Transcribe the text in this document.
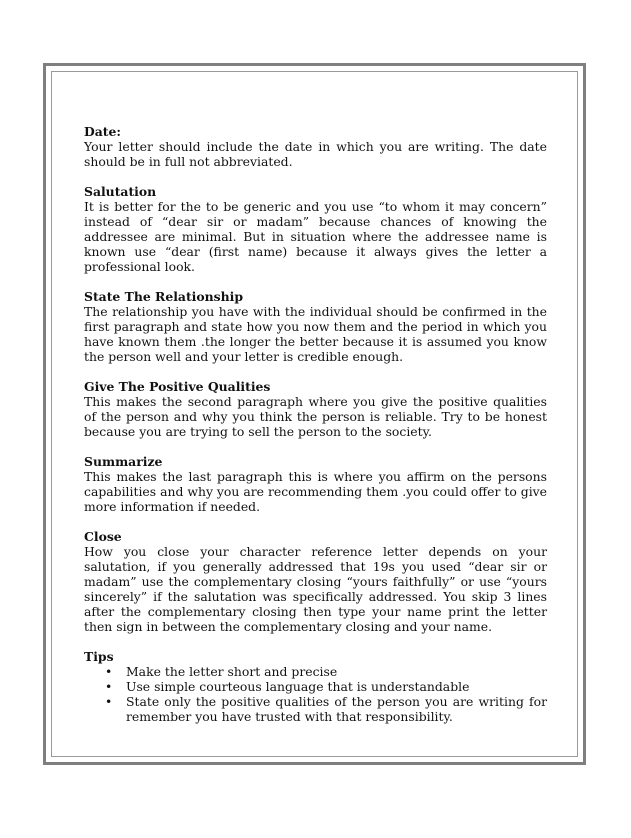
Date:

Your letter should include the date in which you are writing. The date should be in full not abbreviated.

Salutation

It is better for the to be generic and you use “to whom it may concern” instead of “dear sir or madam” because chances of knowing the addressee are minimal. But in situation where the addressee name is known use “dear (first name) because it always gives the letter a professional look.

State The Relationship

The relationship you have with the individual should be confirmed in the first paragraph and state how you now them and the period in which you have known them .the longer the better because it is assumed you know the person well and your letter is credible enough.

Give The Positive Qualities

This makes the second paragraph where you give the positive qualities of the person and why you think the person is reliable. Try to be honest because you are trying to sell the person to the society.

Summarize

This makes the last paragraph this is where you affirm on the persons capabilities and why you are recommending them .you could offer to give more information if needed.

Close

How you close your character reference letter depends on your salutation, if you generally addressed that 19s you used “dear sir or madam” use the complementary closing “yours faithfully” or use “yours sincerely” if the salutation was specifically addressed. You skip 3 lines after the complementary closing then type your name print the letter then sign in between the complementary closing and your name.

Tips

• Make the letter short and precise
• Use simple courteous language that is understandable
• State only the positive qualities of the person you are writing for remember you have trusted with that responsibility.
